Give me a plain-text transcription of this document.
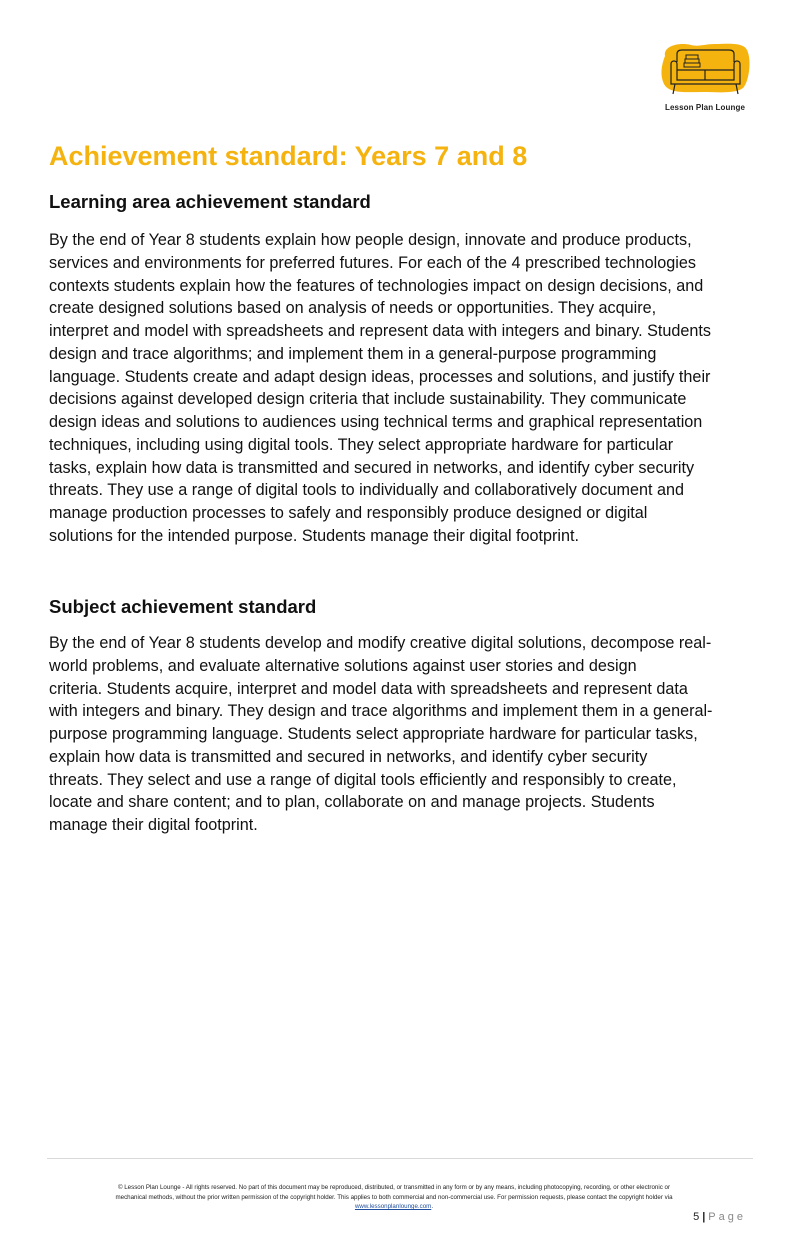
Lesson Plan Lounge
Achievement standard: Years 7 and 8
Learning area achievement standard
By the end of Year 8 students explain how people design, innovate and produce products,
services and environments for preferred futures. For each of the 4 prescribed technologies
contexts students explain how the features of technologies impact on design decisions, and
create designed solutions based on analysis of needs or opportunities. They acquire,
interpret and model with spreadsheets and represent data with integers and binary. Students
design and trace algorithms; and implement them in a general-purpose programming
language. Students create and adapt design ideas, processes and solutions, and justify their
decisions against developed design criteria that include sustainability. They communicate
design ideas and solutions to audiences using technical terms and graphical representation
techniques, including using digital tools. They select appropriate hardware for particular
tasks, explain how data is transmitted and secured in networks, and identify cyber security
threats. They use a range of digital tools to individually and collaboratively document and
manage production processes to safely and responsibly produce designed or digital
solutions for the intended purpose. Students manage their digital footprint.
Subject achievement standard
By the end of Year 8 students develop and modify creative digital solutions, decompose real-
world problems, and evaluate alternative solutions against user stories and design
criteria. Students acquire, interpret and model data with spreadsheets and represent data
with integers and binary. They design and trace algorithms and implement them in a general-
purpose programming language. Students select appropriate hardware for particular tasks,
explain how data is transmitted and secured in networks, and identify cyber security
threats. They select and use a range of digital tools efficiently and responsibly to create,
locate and share content; and to plan, collaborate on and manage projects. Students
manage their digital footprint.
© Lesson Plan Lounge - All rights reserved. No part of this document may be reproduced, distributed, or transmitted in any form or by any means, including photocopying, recording, or other electronic or
mechanical methods, without the prior written permission of the copyright holder. This applies to both commercial and non-commercial use. For permission requests, please contact the copyright holder via
www.lessonplanlounge.com.
5 | Page
